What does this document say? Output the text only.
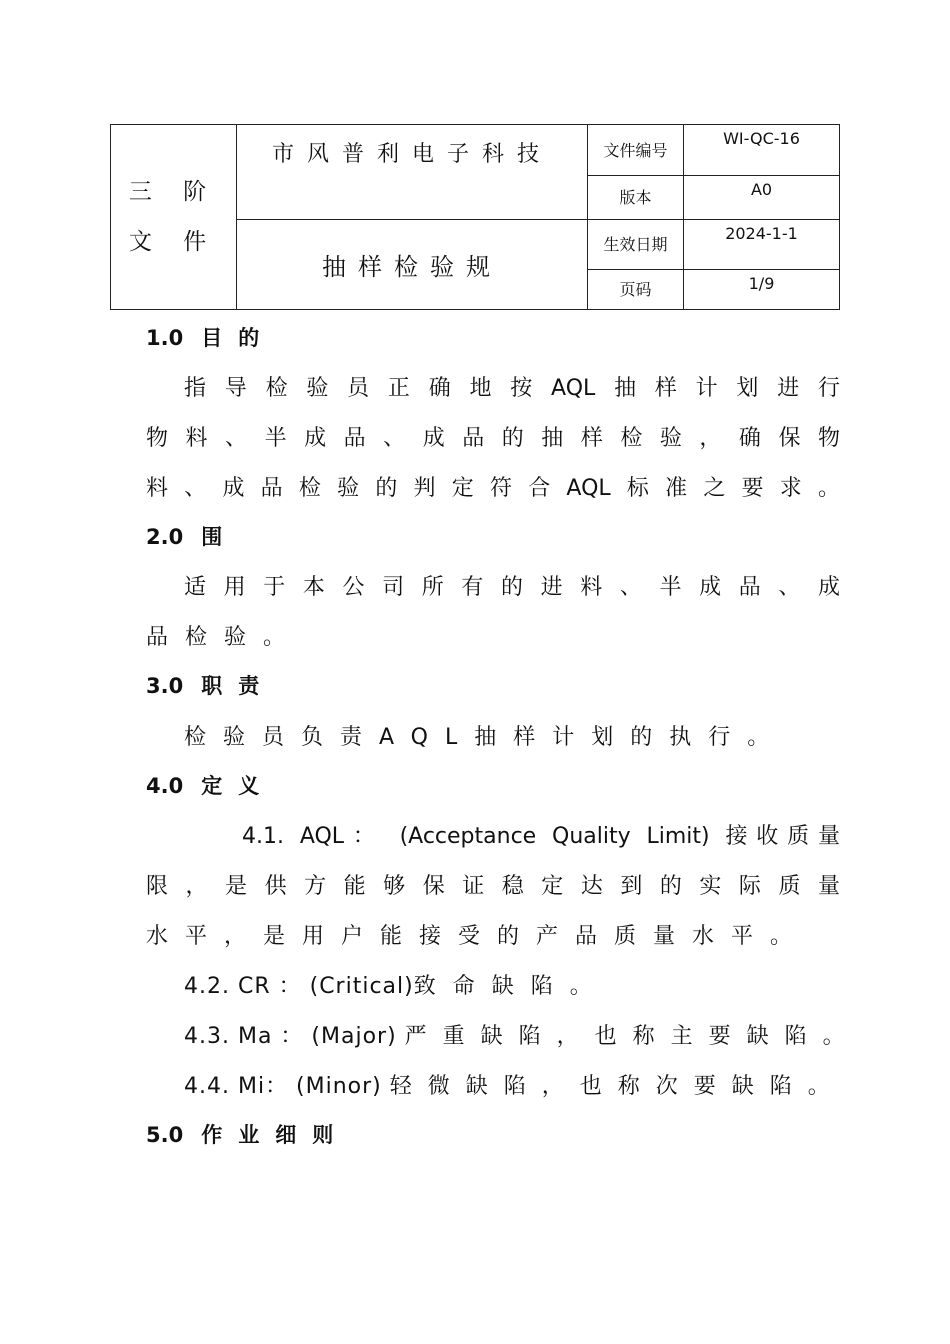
三 阶
文 件	市风普利电子科技	文件编号	WI-QC-16
		版本	A0
	抽样检验规	生效日期	2024-1-1
		页码	1/9
1.0 目的
指导检验员正确地按AQL抽样计划进行
物料、半成品、成品的抽样检验，确保物
料、成品检验的判定符合AQL标准之要求。
2.0 围
适用于本公司所有的进料、半成品、成
品检验。
3.0 职责
检验员负责AQL抽样计划的执行。
4.0 定义
4.1. AQL： (Acceptance Quality Limit) 接收质量
限，是供方能够保证稳定达到的实际质量
水平，是用户能接受的产品质量水平。
4.2. CR ： (Critical)致命缺陷。
4.3. Ma ： (Major) 严重缺陷，也称主要缺陷。
4.4. Mi： (Minor) 轻微缺陷，也称次要缺陷。
5.0 作业细则
